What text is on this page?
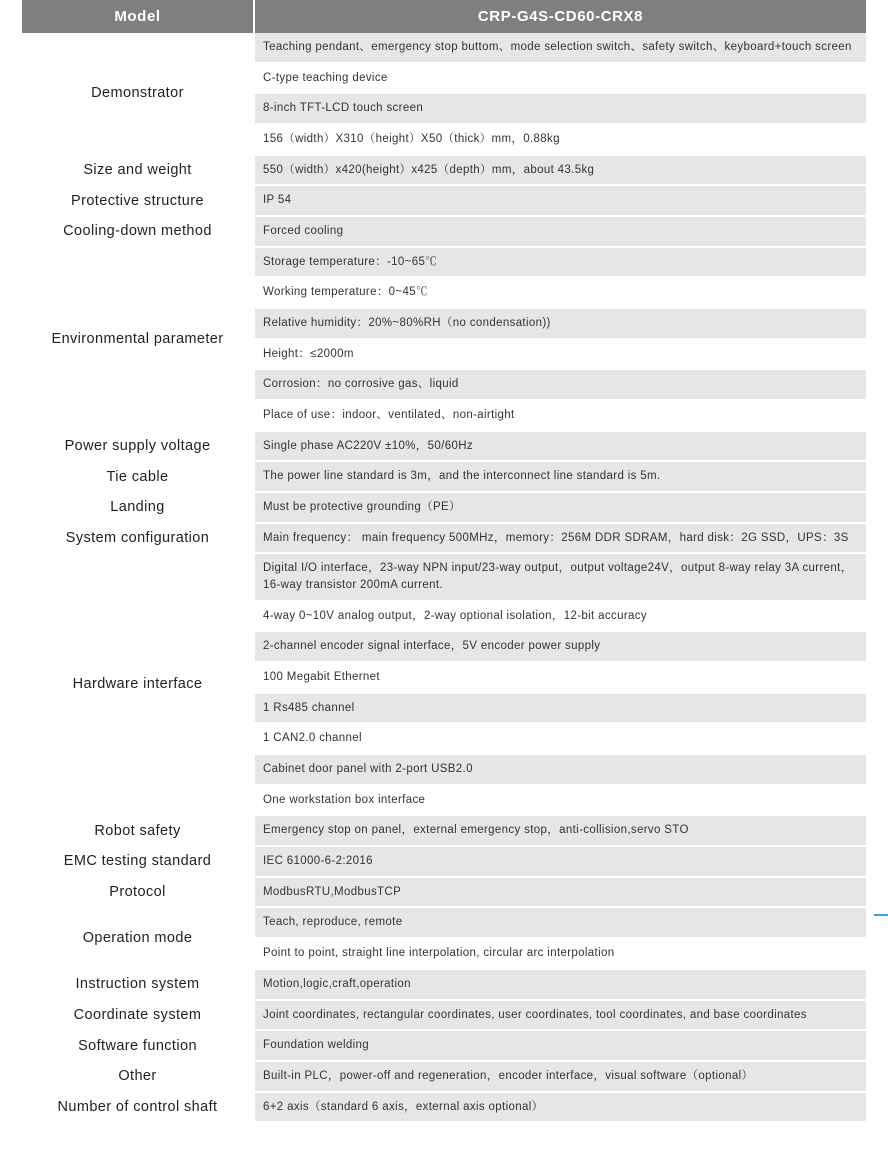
Model	CRP-G4S-CD60-CRX8
Demonstrator	Teaching pendant、emergency stop buttom、mode selection switch、safety switch、keyboard+touch screen
	C-type teaching device
	8-inch TFT-LCD touch screen
	156（width）X310（height）X50（thick）mm，0.88kg
Size and weight	550（width）x420(height）x425（depth）mm，about 43.5kg
Protective structure	IP 54
Cooling-down method	Forced cooling
Environmental parameter	Storage temperature：-10~65℃
	Working temperature：0~45℃
	Relative humidity：20%~80%RH（no condensation))
	Height：≤2000m
	Corrosion：no corrosive gas、liquid
	Place of use：indoor、ventilated、non-airtight
Power supply voltage	Single phase AC220V ±10%，50/60Hz
Tie cable	The power line standard is 3m，and the interconnect line standard is 5m.
Landing	Must be protective grounding（PE）
System configuration	Main frequency： main frequency 500MHz，memory：256M DDR SDRAM，hard disk：2G SSD，UPS：3S
Hardware interface	Digital I/O interface，23-way NPN input/23-way output，output voltage24V，output 8-way relay 3A current，16-way transistor 200mA current.
	4-way 0~10V analog output，2-way optional isolation，12-bit accuracy
	2-channel encoder signal interface，5V encoder power supply
	100 Megabit Ethernet
	1 Rs485 channel
	1 CAN2.0 channel
	Cabinet door panel with 2-port USB2.0
	One workstation box interface
Robot safety	Emergency stop on panel，external emergency stop，anti-collision,servo STO
EMC testing standard	IEC 61000-6-2:2016
Protocol	ModbusRTU,ModbusTCP
Operation mode	Teach, reproduce, remote
	Point to point, straight line interpolation, circular arc interpolation
Instruction system	Motion,logic,craft,operation
Coordinate system	Joint coordinates, rectangular coordinates, user coordinates, tool coordinates, and base coordinates
Software function	Foundation welding
Other	Built-in PLC，power-off and regeneration，encoder interface，visual software（optional）
Number of control shaft	6+2 axis（standard 6 axis，external axis optional）
